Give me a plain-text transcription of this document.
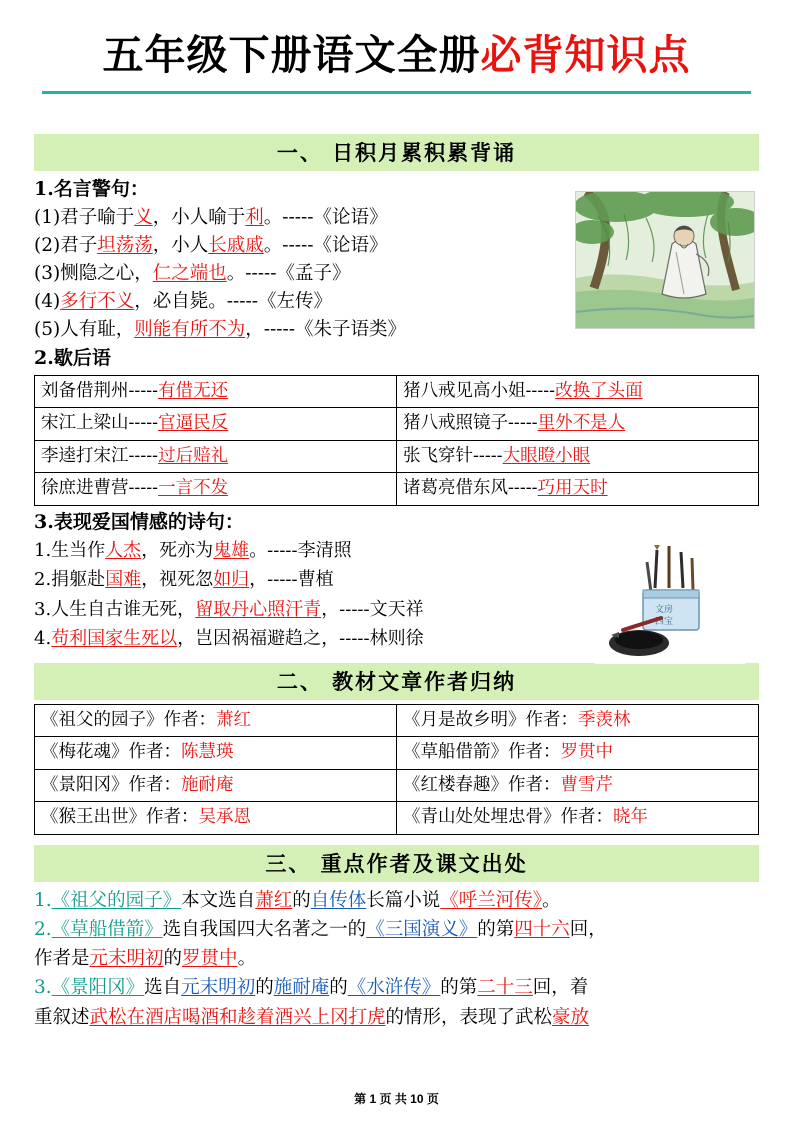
五年级下册语文全册必背知识点
一、 日积月累积累背诵
1.名言警句：
(1)君子喻于义，小人喻于利。-----《论语》
(2)君子坦荡荡，小人长戚戚。-----《论语》
(3)恻隐之心，仁之端也。-----《孟子》
(4)多行不义，必自毙。-----《左传》
(5)人有耻，则能有所不为，-----《朱子语类》
2.歇后语
刘备借荆州-----有借无还	猪八戒见高小姐-----改换了头面
宋江上梁山-----官逼民反	猪八戒照镜子-----里外不是人
李逵打宋江-----过后赔礼	张飞穿针-----大眼瞪小眼
徐庶进曹营-----一言不发	诸葛亮借东风-----巧用天时
3.表现爱国情感的诗句：
文房
四宝
1.生当作人杰，死亦为鬼雄。-----李清照
2.捐躯赴国难，视死忽如归，-----曹植
3.人生自古谁无死，留取丹心照汗青，-----文天祥
4.苟利国家生死以，岂因祸福避趋之，-----林则徐
二、 教材文章作者归纳
《祖父的园子》作者：萧红	《月是故乡明》作者：季羡林
《梅花魂》作者：陈慧瑛	《草船借箭》作者：罗贯中
《景阳冈》作者：施耐庵	《红楼春趣》作者：曹雪芹
《猴王出世》作者：吴承恩	《青山处处埋忠骨》作者：晓年
三、 重点作者及课文出处
1.《祖父的园子》本文选自萧红的自传体长篇小说《呼兰河传》。
2.《草船借箭》选自我国四大名著之一的《三国演义》的第四十六回，
作者是元末明初的罗贯中。
3.《景阳冈》选自元末明初的施耐庵的《水浒传》的第二十三回，着
重叙述武松在酒店喝酒和趁着酒兴上冈打虎的情形，表现了武松豪放
第 1 页 共 10 页
